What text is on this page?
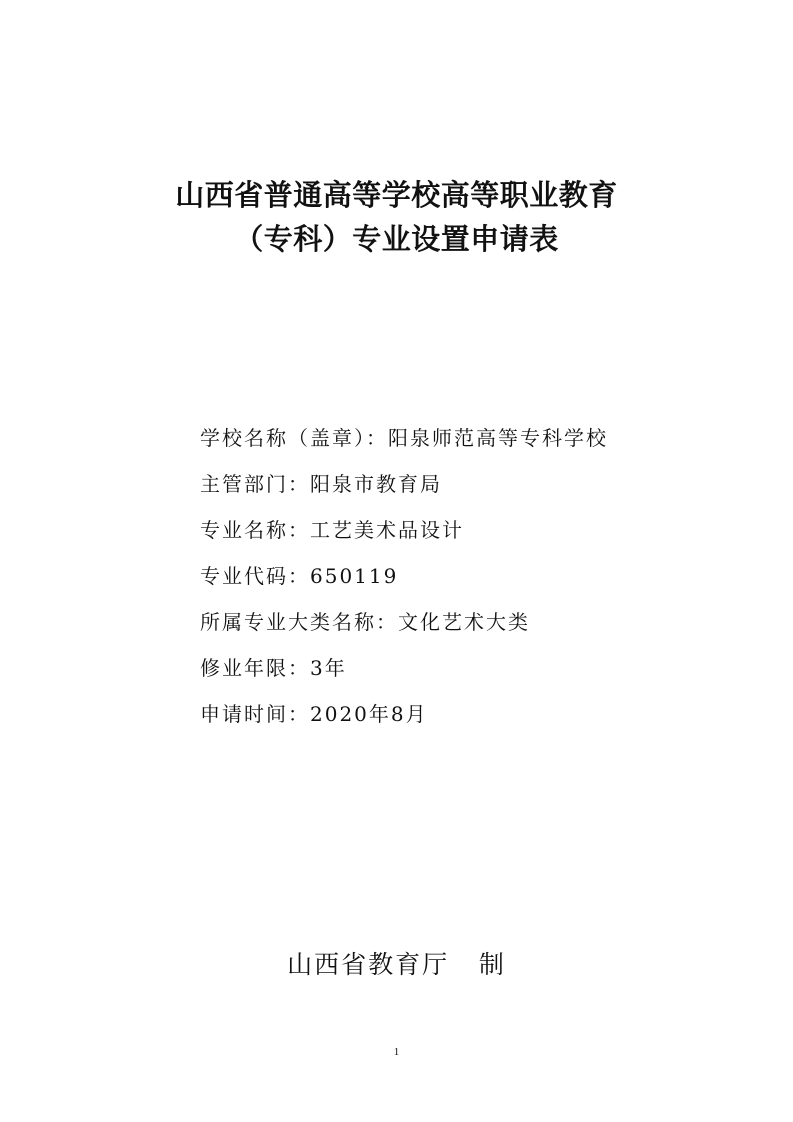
山西省普通高等学校高等职业教育
（专科）专业设置申请表
学校名称（盖章）：阳泉师范高等专科学校
主管部门：阳泉市教育局
专业名称：工艺美术品设计
专业代码：650119
所属专业大类名称：文化艺术大类
修业年限：3年
申请时间：2020年8月
山西省教育厅   制
1
